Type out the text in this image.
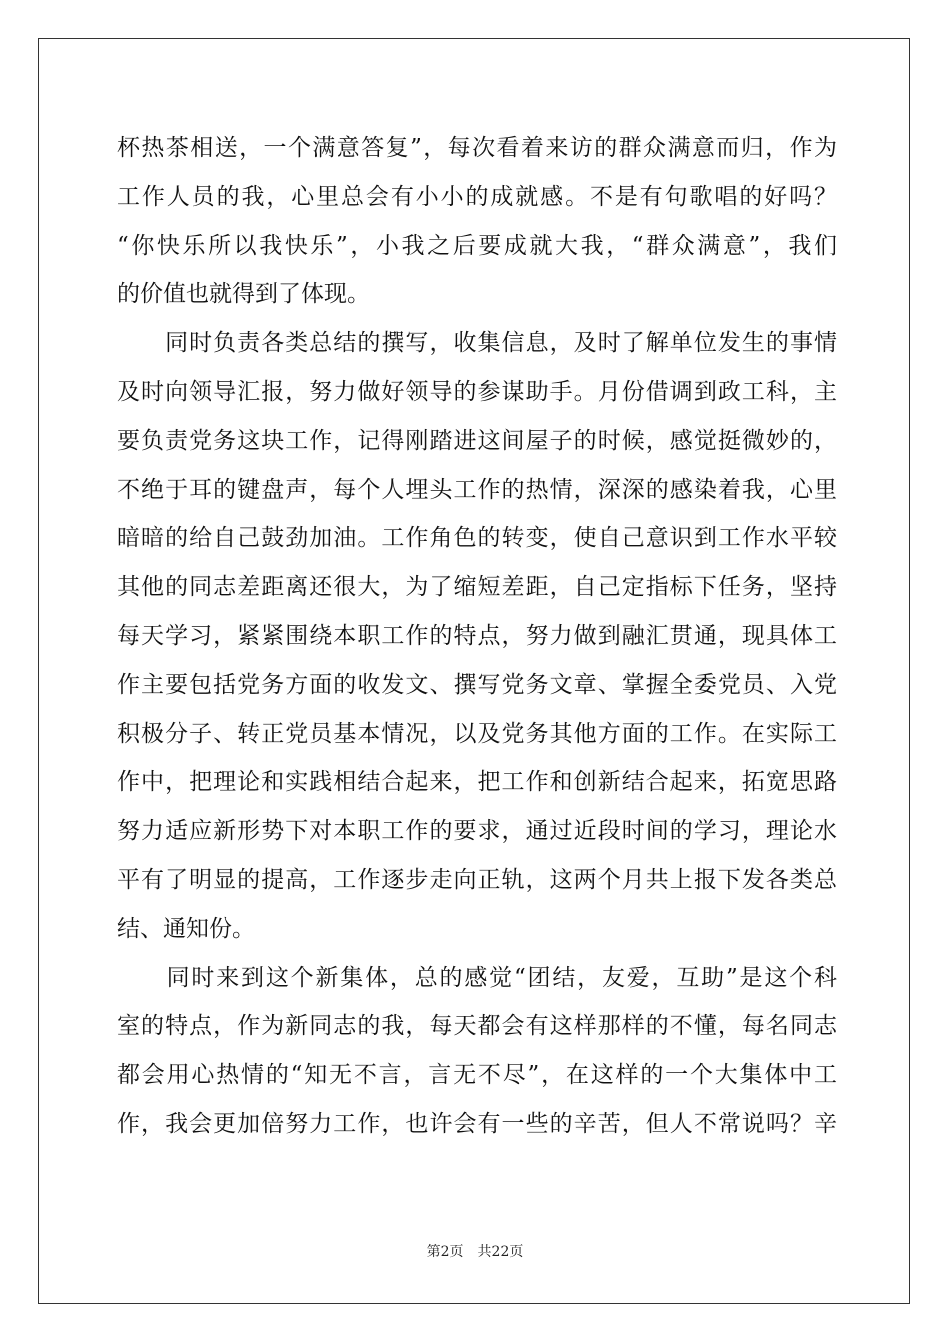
杯热茶相送，一个满意答复”，每次看着来访的群众满意而归，作为
工作人员的我，心里总会有小小的成就感。不是有句歌唱的好吗？
“你快乐所以我快乐”，小我之后要成就大我，“群众满意”，我们
的价值也就得到了体现。
　　同时负责各类总结的撰写，收集信息，及时了解单位发生的事情
及时向领导汇报，努力做好领导的参谋助手。月份借调到政工科，主
要负责党务这块工作，记得刚踏进这间屋子的时候，感觉挺微妙的，
不绝于耳的键盘声，每个人埋头工作的热情，深深的感染着我，心里
暗暗的给自己鼓劲加油。工作角色的转变，使自己意识到工作水平较
其他的同志差距离还很大，为了缩短差距，自己定指标下任务，坚持
每天学习，紧紧围绕本职工作的特点，努力做到融汇贯通，现具体工
作主要包括党务方面的收发文、撰写党务文章、掌握全委党员、入党
积极分子、转正党员基本情况，以及党务其他方面的工作。在实际工
作中，把理论和实践相结合起来，把工作和创新结合起来，拓宽思路
努力适应新形势下对本职工作的要求，通过近段时间的学习，理论水
平有了明显的提高，工作逐步走向正轨，这两个月共上报下发各类总
结、通知份。
　　同时来到这个新集体，总的感觉“团结，友爱，互助”是这个科
室的特点，作为新同志的我，每天都会有这样那样的不懂，每名同志
都会用心热情的“知无不言，言无不尽”，在这样的一个大集体中工
作，我会更加倍努力工作，也许会有一些的辛苦，但人不常说吗？辛
第2页 共22页
